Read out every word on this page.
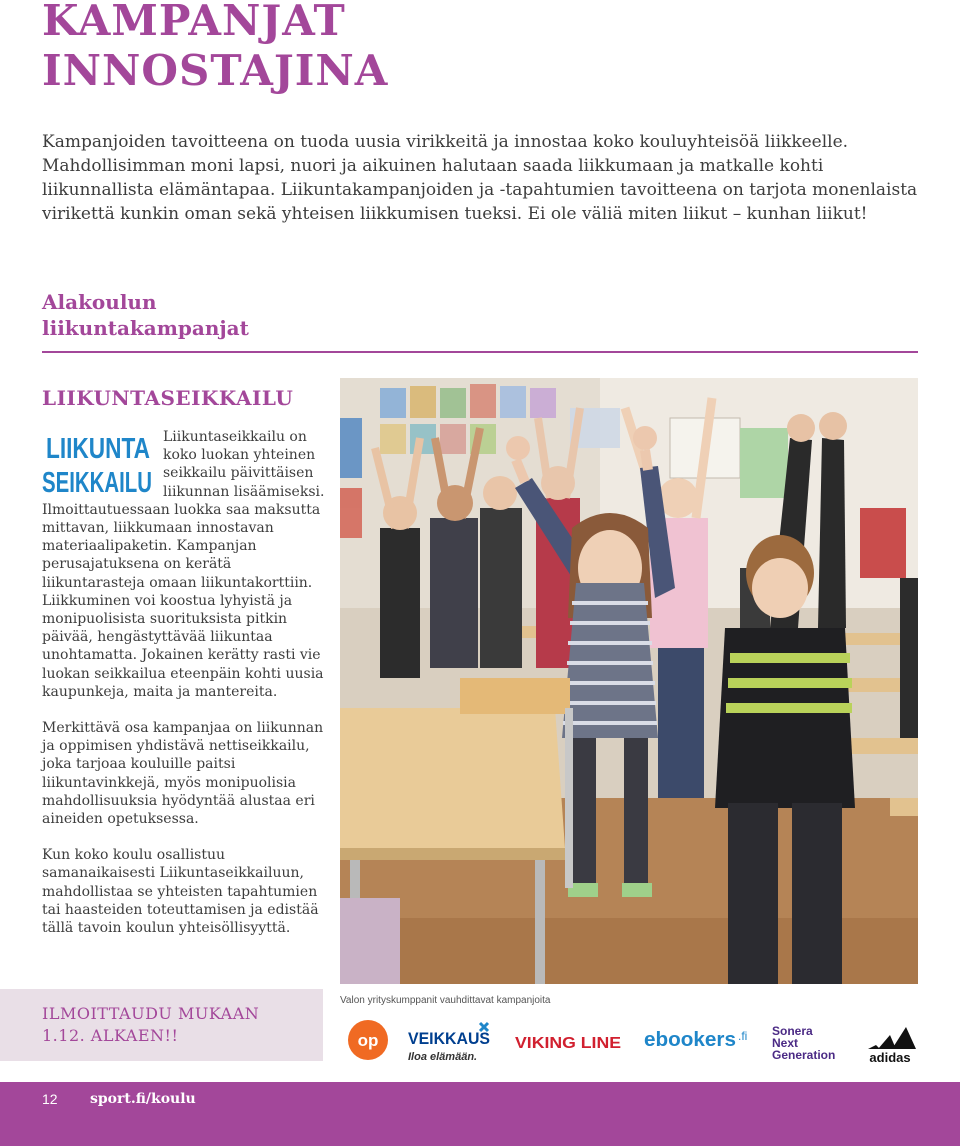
KAMPANJAT
INNOSTAJINA

Kampanjoiden tavoitteena on tuoda uusia virikkeitä ja innostaa koko kouluyhteisöä liikkeelle. Mahdollisimman moni lapsi, nuori ja aikuinen halutaan saada liikkumaan ja matkalle kohti liikunnallista elämäntapaa. Liikuntakampanjoiden ja -tapahtumien tavoitteena on tarjota monenlaista virikettä kunkin oman sekä yhteisen liikkumisen tueksi. Ei ole väliä miten liikut – kunhan liikut!

Alakoulun
liikuntakampanjat
LIIKUNTASEIKKAILU
LIIKUNTA
SEIKKAILU

Liikuntaseikkailu on koko luokan yhteinen seikkailu päivittäisen liikunnan lisäämiseksi. Ilmoittautuessaan luokka saa maksutta mittavan, liikkumaan innostavan materiaalipaketin. Kampanjan perusajatuksena on kerätä liikuntarasteja omaan liikuntakorttiin. Liikkuminen voi koostua lyhyistä ja monipuolisista suorituksista pitkin päivää, hengästyttävää liikuntaa unohtamatta. Jokainen kerätty rasti vie luokan seikkailua eteenpäin kohti uusia kaupunkeja, maita ja mantereita.

Merkittävä osa kampanjaa on liikunnan ja oppimisen yhdistävä nettiseikkailu, joka tarjoaa kouluille paitsi liikuntavinkkejä, myös monipuolisia mahdollisuuksia hyödyntää alustaa eri aineiden opetuksessa.

Kun koko koulu osallistuu samanaikaisesti Liikuntaseikkailuun, mahdollistaa se yhteisten tapahtumien tai haasteiden toteuttamisen ja edistää tällä tavoin koulun yhteisöllisyyttä.

ILMOITTAUDU MUKAAN
1.12. ALKAEN!!
Valon yrityskumppanit vauhdittavat kampanjoita
op VEIKKAUS
Iloa elämään.
VIKING LINE ebookers .fi Sonera
Next
Generation	adidas
12 sport.fi/koulu
